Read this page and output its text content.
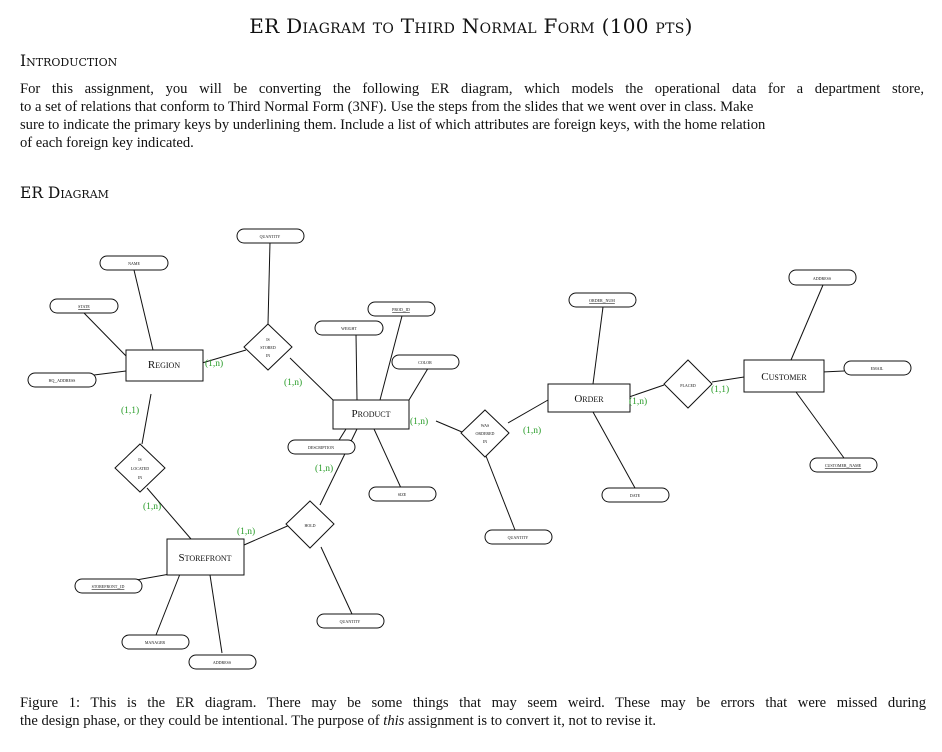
ER Diagram to Third Normal Form (100 pts)
Introduction
For this assignment, you will be converting the following ER diagram, which models the operational data for a department store,
to a set of relations that conform to Third Normal Form (3NF). Use the steps from the slides that we went over in class. Make
sure to indicate the primary keys by underlining them. Include a list of which attributes are foreign keys, with the home relation
of each foreign key indicated.
ER Diagram
Region
Product
Order
Customer
Storefront
is
stored
in
was
ordered
in
placed
is
located
in
hold
name
state
hq_address
quantity
weight
prod_id
color
description
size
order_num
date
quantity
address
email
customer_name
storefront_id
manager
address
quantity
(1,n)
(1,n)
(1,n)
(1,n)
(1,n)
(1,1)
(1,1)
(1,n)
(1,n)
(1,n)
Figure 1: This is the ER diagram. There may be some things that may seem weird. These may be errors that were missed during
the design phase, or they could be intentional. The purpose of this assignment is to convert it, not to revise it.
